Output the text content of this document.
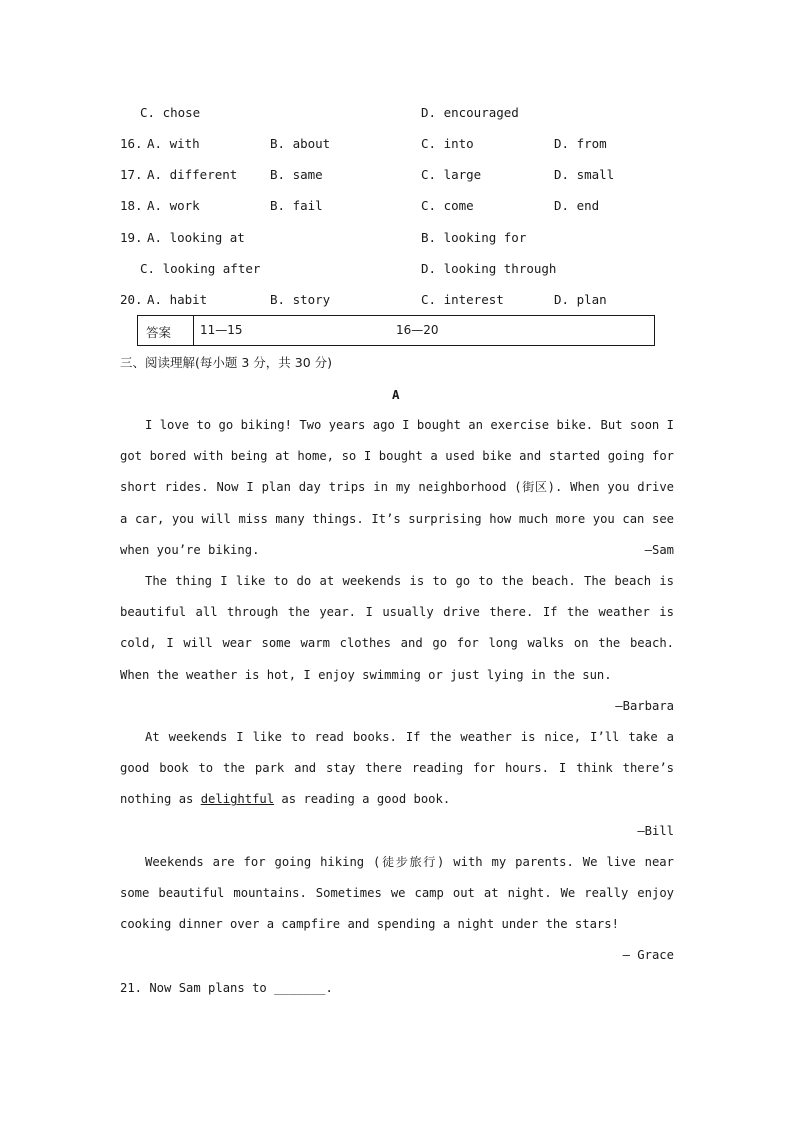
C. chose	D. encouraged
16. A. with	B. about	C. into	D. from
17. A. different	B. same	C. large	D. small
18. A. work	B. fail	C. come	D. end
19. A. looking at	B. looking for
C. looking after	D. looking through
20. A. habit	B. story	C. interest	D. plan
答案 11—15	16—20
三、阅读理解(每小题 3 分，共 30 分)
A
I love to go biking! Two years ago I bought an exercise bike. But soon I got bored with being at home, so I bought a used bike and started going for short rides. Now I plan day trips in my neighborhood (街区). When you drive a car, you will miss many things. It’s surprising how much more you can see when you’re biking.	—Sam
The thing I like to do at weekends is to go to the beach. The beach is beautiful all through the year. I usually drive there. If the weather is cold, I will wear some warm clothes and go for long walks on the beach. When the weather is hot, I enjoy swimming or just lying in the sun.
—Barbara
At weekends I like to read books. If the weather is nice, I’ll take a good book to the park and stay there reading for hours. I think there’s nothing as delightful as reading a good book.
—Bill
Weekends are for going hiking (徒步旅行) with my parents. We live near some beautiful mountains. Sometimes we camp out at night. We really enjoy cooking dinner over a campfire and spending a night under the stars!
— Grace
21. Now Sam plans to _______.
